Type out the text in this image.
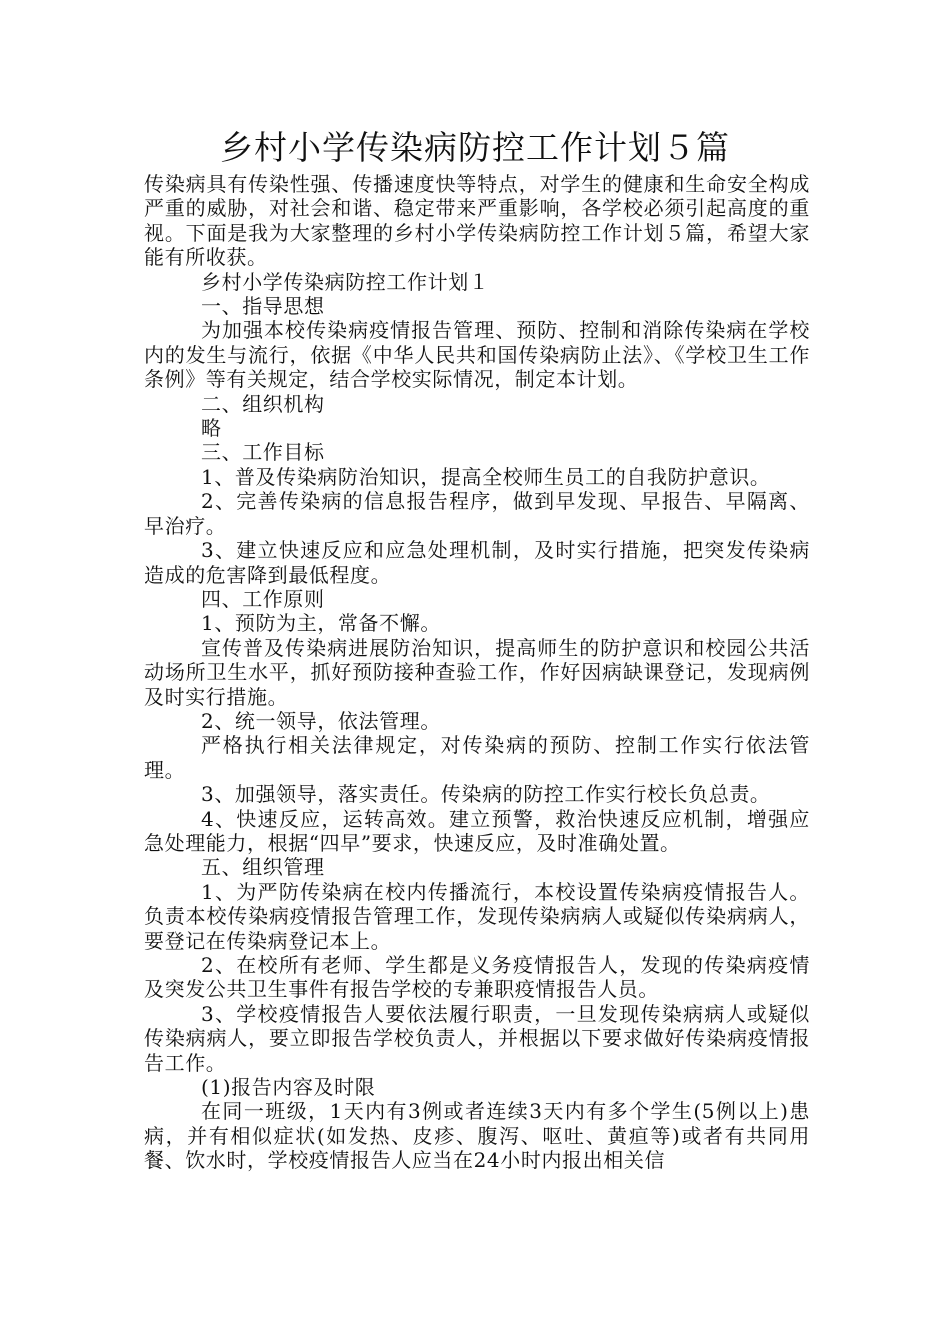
乡村小学传染病防控工作计划５篇

传染病具有传染性强、传播速度快等特点，对学生的健康和生命安全构成严重的威胁，对社会和谐、稳定带来严重影响，各学校必须引起高度的重视。下面是我为大家整理的乡村小学传染病防控工作计划５篇，希望大家能有所收获。

乡村小学传染病防控工作计划１

一、指导思想

为加强本校传染病疫情报告管理、预防、控制和消除传染病在学校内的发生与流行，依据《中华人民共和国传染病防止法》、《学校卫生工作条例》等有关规定，结合学校实际情况，制定本计划。

二、组织机构

略

三、工作目标

1、普及传染病防治知识，提高全校师生员工的自我防护意识。

2、完善传染病的信息报告程序，做到早发现、早报告、早隔离、早治疗。

3、建立快速反应和应急处理机制，及时实行措施，把突发传染病造成的危害降到最低程度。

四、工作原则

1、预防为主，常备不懈。

宣传普及传染病进展防治知识，提高师生的防护意识和校园公共活动场所卫生水平，抓好预防接种查验工作，作好因病缺课登记，发现病例及时实行措施。

2、统一领导，依法管理。

严格执行相关法律规定，对传染病的预防、控制工作实行依法管理。

3、加强领导，落实责任。传染病的防控工作实行校长负总责。

4、快速反应，运转高效。建立预警，救治快速反应机制，增强应急处理能力，根据“四早”要求，快速反应，及时准确处置。

五、组织管理

1、为严防传染病在校内传播流行，本校设置传染病疫情报告人。负责本校传染病疫情报告管理工作，发现传染病病人或疑似传染病病人，要登记在传染病登记本上。

2、在校所有老师、学生都是义务疫情报告人，发现的传染病疫情及突发公共卫生事件有报告学校的专兼职疫情报告人员。

3、学校疫情报告人要依法履行职责，一旦发现传染病病人或疑似传染病病人，要立即报告学校负责人，并根据以下要求做好传染病疫情报告工作。

(1)报告内容及时限

在同一班级，1天内有3例或者连续3天内有多个学生(5例以上)患病，并有相似症状(如发热、皮疹、腹泻、呕吐、黄疸等)或者有共同用餐、饮水时，学校疫情报告人应当在24小时内报出相关信
